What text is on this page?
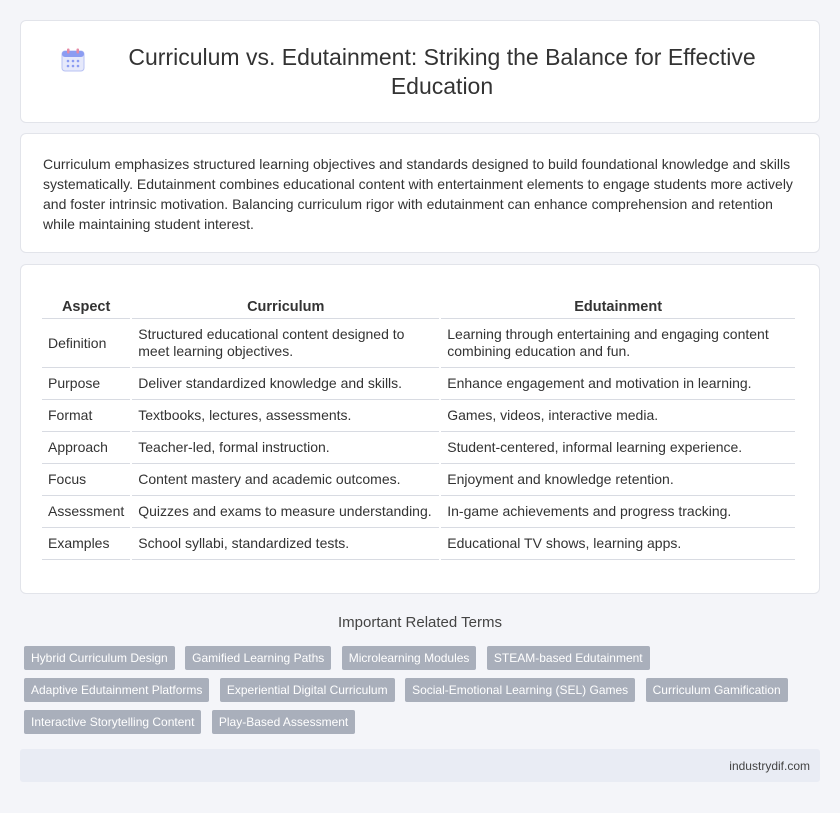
Curriculum vs. Edutainment: Striking the Balance for Effective Education

Curriculum emphasizes structured learning objectives and standards designed to build foundational knowledge and skills systematically. Edutainment combines educational content with entertainment elements to engage students more actively and foster intrinsic motivation. Balancing curriculum rigor with edutainment can enhance comprehension and retention while maintaining student interest.

Aspect	Curriculum	Edutainment
Definition	Structured educational content designed to meet learning objectives.	Learning through entertaining and engaging content combining education and fun.
Purpose	Deliver standardized knowledge and skills.	Enhance engagement and motivation in learning.
Format	Textbooks, lectures, assessments.	Games, videos, interactive media.
Approach	Teacher-led, formal instruction.	Student-centered, informal learning experience.
Focus	Content mastery and academic outcomes.	Enjoyment and knowledge retention.
Assessment	Quizzes and exams to measure understanding.	In-game achievements and progress tracking.
Examples	School syllabi, standardized tests.	Educational TV shows, learning apps.
Important Related Terms
Hybrid Curriculum Design Gamified Learning Paths Microlearning Modules STEAM-based Edutainment Adaptive Edutainment Platforms Experiential Digital Curriculum Social-Emotional Learning (SEL) Games Curriculum Gamification Interactive Storytelling Content Play-Based Assessment
industrydif.com
